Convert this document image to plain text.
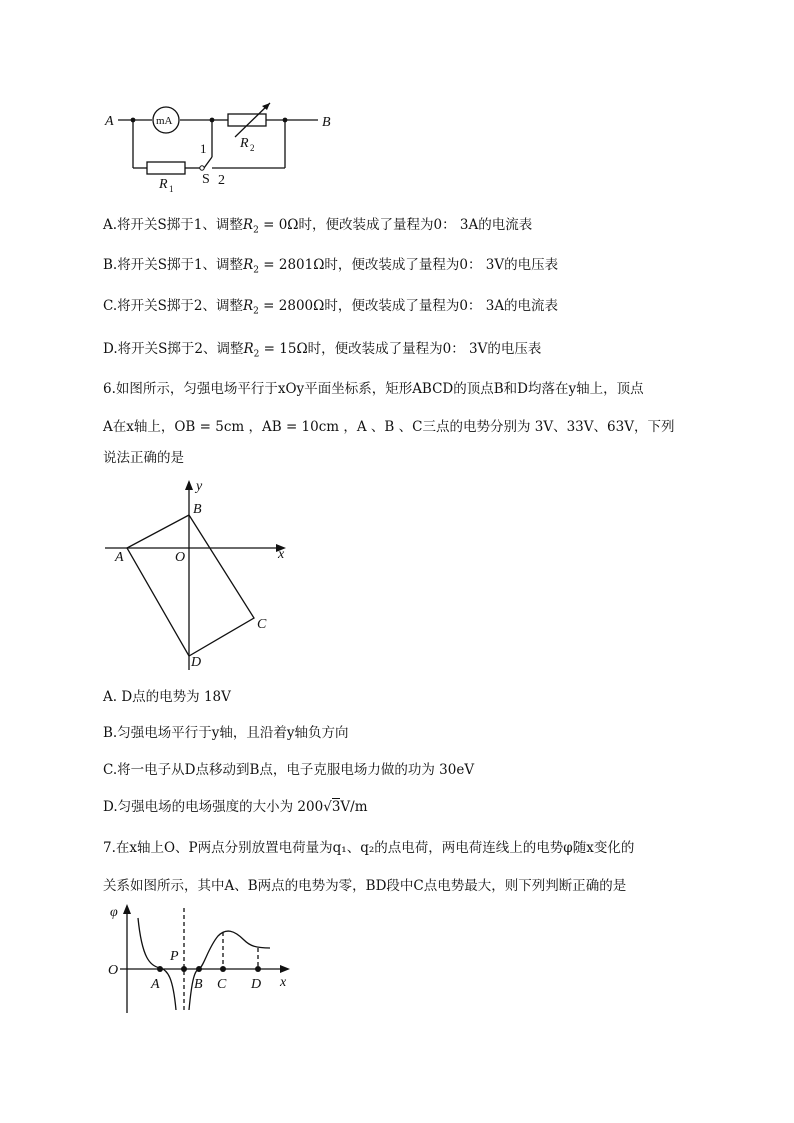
A	B
mA
R 2
R 1
1
S 2
A.将开关S掷于1、调整$R_2 = 0\Omega$时，便改装成了量程为0： 3A的电流表
B.将开关S掷于1、调整$R_2 = 2801\Omega$时，便改装成了量程为0： 3V的电压表
C.将开关S掷于2、调整$R_2 = 2800\Omega$时，便改装成了量程为0： 3A的电流表
D.将开关S掷于2、调整$R_2 = 15\Omega$时，便改装成了量程为0： 3V的电压表
6.如图所示，匀强电场平行于xOy平面坐标系，矩形ABCD的顶点B和D均落在y轴上，顶点
A在x轴上，OB = 5cm ，AB = 10cm ，A 、B 、C三点的电势分别为 3V、33V、63V，下列
说法正确的是
y
x
B
A	O
C
D
A. D点的电势为 18V
B.匀强电场平行于y轴，且沿着y轴负方向
C.将一电子从D点移动到B点，电子克服电场力做的功为 30eV
D.匀强电场的电场强度的大小为 200√3V/m
7.在x轴上O、P两点分别放置电荷量为q₁、q₂的点电荷，两电荷连线上的电势φ随x变化的
关系如图所示，其中A、B两点的电势为零，BD段中C点电势最大，则下列判断正确的是
φ
O
P
x
A B C D
